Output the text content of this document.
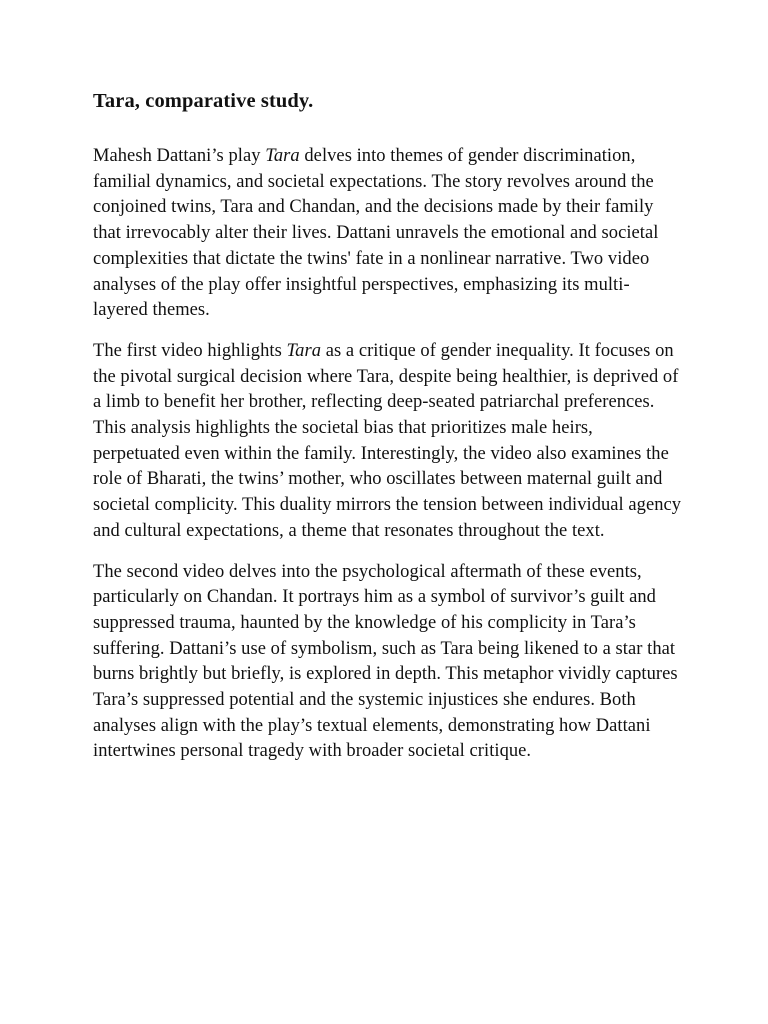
Tara, comparative study.

Mahesh Dattani’s play Tara delves into themes of gender discrimination, familial dynamics, and societal expectations. The story revolves around the conjoined twins, Tara and Chandan, and the decisions made by their family that irrevocably alter their lives. Dattani unravels the emotional and societal complexities that dictate the twins' fate in a nonlinear narrative. Two video analyses of the play offer insightful perspectives, emphasizing its multi-layered themes.

The first video highlights Tara as a critique of gender inequality. It focuses on the pivotal surgical decision where Tara, despite being healthier, is deprived of a limb to benefit her brother, reflecting deep-seated patriarchal preferences. This analysis highlights the societal bias that prioritizes male heirs, perpetuated even within the family. Interestingly, the video also examines the role of Bharati, the twins’ mother, who oscillates between maternal guilt and societal complicity. This duality mirrors the tension between individual agency and cultural expectations, a theme that resonates throughout the text.

The second video delves into the psychological aftermath of these events, particularly on Chandan. It portrays him as a symbol of survivor’s guilt and suppressed trauma, haunted by the knowledge of his complicity in Tara’s suffering. Dattani’s use of symbolism, such as Tara being likened to a star that burns brightly but briefly, is explored in depth. This metaphor vividly captures Tara’s suppressed potential and the systemic injustices she endures. Both analyses align with the play’s textual elements, demonstrating how Dattani intertwines personal tragedy with broader societal critique.
